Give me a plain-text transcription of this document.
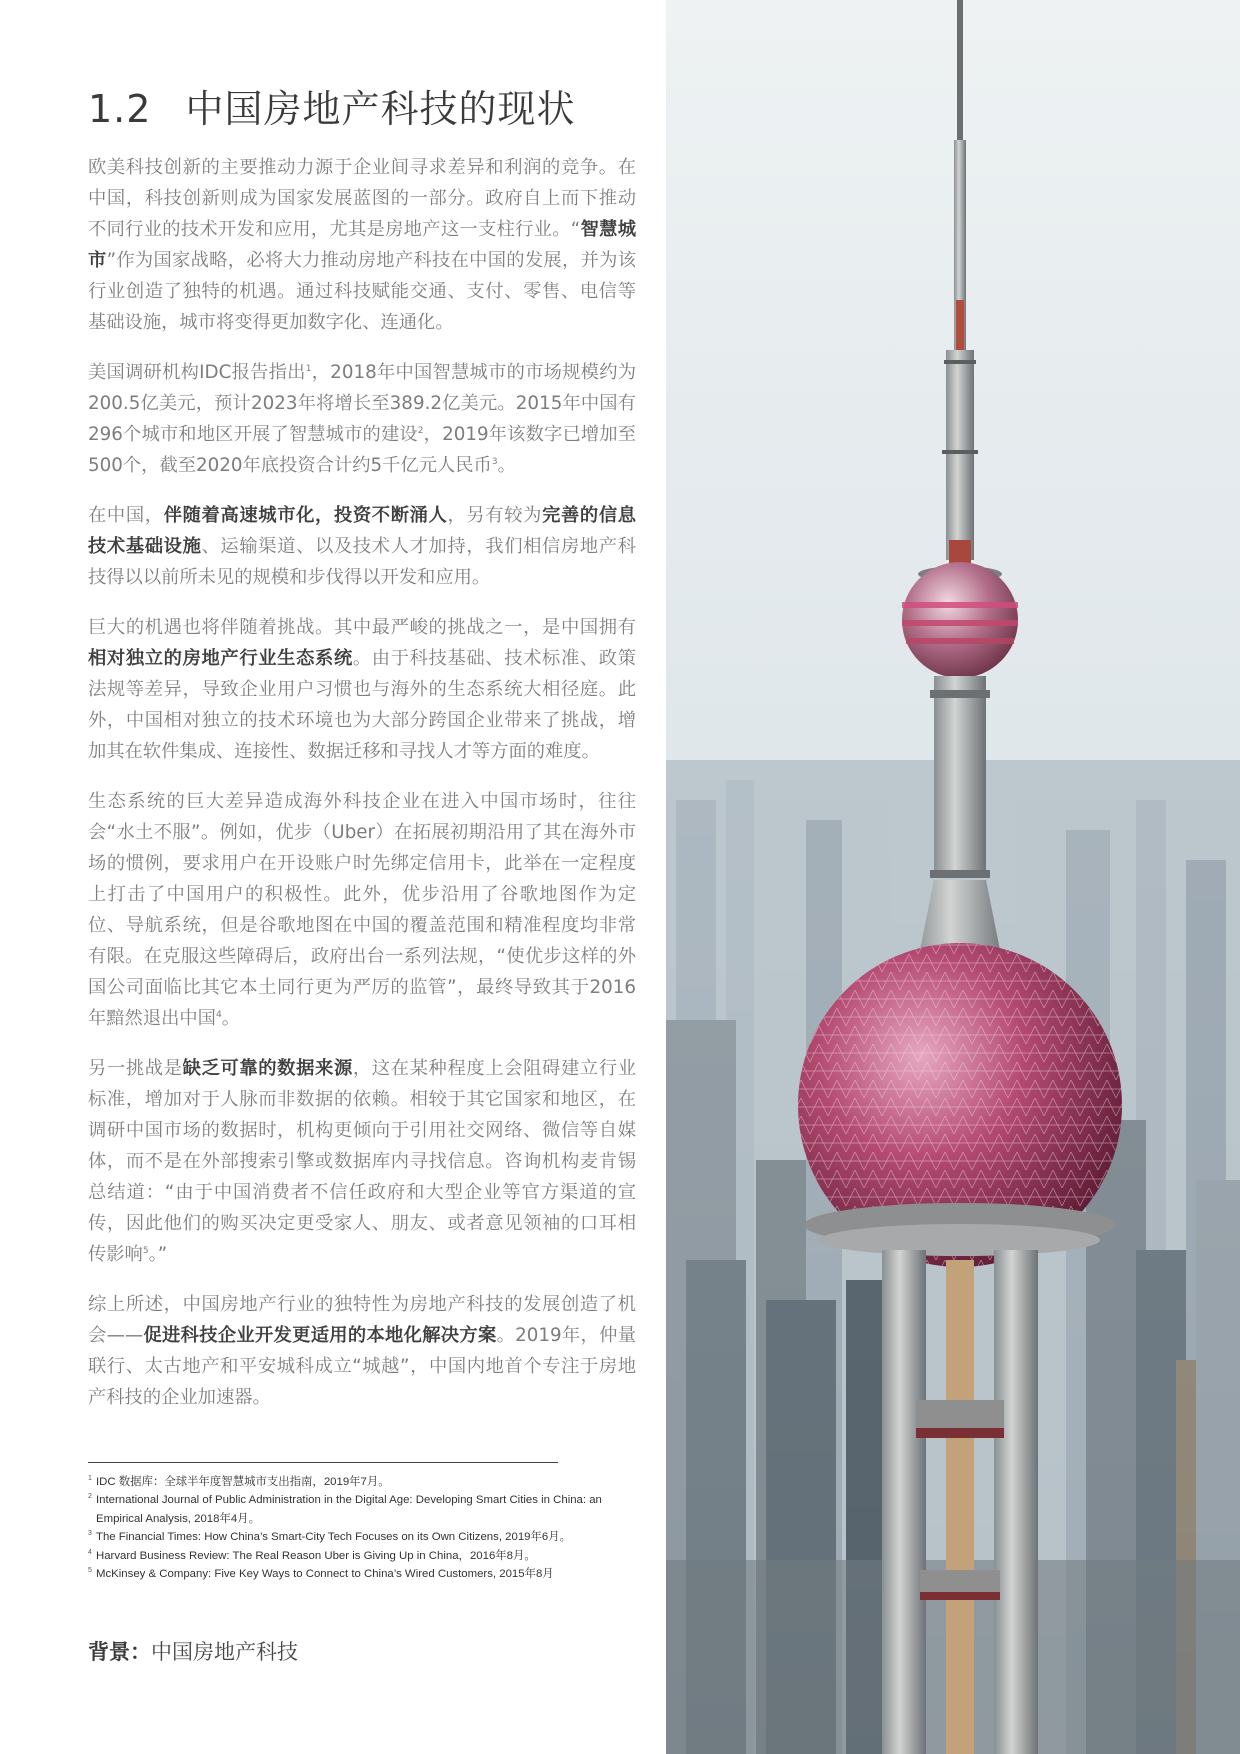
1.2 中国房地产科技的现状

欧美科技创新的主要推动力源于企业间寻求差异和利润的竞争。在中国，科技创新则成为国家发展蓝图的一部分。政府自上而下推动不同行业的技术开发和应用，尤其是房地产这一支柱行业。“智慧城市”作为国家战略，必将大力推动房地产科技在中国的发展，并为该行业创造了独特的机遇。通过科技赋能交通、支付、零售、电信等基础设施，城市将变得更加数字化、连通化。

美国调研机构IDC报告指出$^1$，2018年中国智慧城市的市场规模约为200.5亿美元，预计2023年将增长至389.2亿美元。2015年中国有296个城市和地区开展了智慧城市的建设$^2$，2019年该数字已增加至500个，截至2020年底投资合计约5千亿元人民币$^3$。

在中国，伴随着高速城市化，投资不断涌人，另有较为完善的信息技术基础设施、运输渠道、以及技术人才加持，我们相信房地产科技得以以前所未见的规模和步伐得以开发和应用。

巨大的机遇也将伴随着挑战。其中最严峻的挑战之一，是中国拥有相对独立的房地产行业生态系统。由于科技基础、技术标准、政策法规等差异，导致企业用户习惯也与海外的生态系统大相径庭。此外，中国相对独立的技术环境也为大部分跨国企业带来了挑战，增加其在软件集成、连接性、数据迁移和寻找人才等方面的难度。

生态系统的巨大差异造成海外科技企业在进入中国市场时，往往会“水土不服”。例如，优步（Uber）在拓展初期沿用了其在海外市场的惯例，要求用户在开设账户时先绑定信用卡，此举在一定程度上打击了中国用户的积极性。此外，优步沿用了谷歌地图作为定位、导航系统，但是谷歌地图在中国的覆盖范围和精准程度均非常有限。在克服这些障碍后，政府出台一系列法规，“使优步这样的外国公司面临比其它本土同行更为严厉的监管”，最终导致其于2016年黯然退出中国$^4$。

另一挑战是缺乏可靠的数据来源，这在某种程度上会阻碍建立行业标准，增加对于人脉而非数据的依赖。相较于其它国家和地区，在调研中国市场的数据时，机构更倾向于引用社交网络、微信等自媒体，而不是在外部搜索引擎或数据库内寻找信息。咨询机构麦肯锡总结道：“由于中国消费者不信任政府和大型企业等官方渠道的宣传，因此他们的购买决定更受家人、朋友、或者意见领袖的口耳相传影响$^5$。”

综上所述，中国房地产行业的独特性为房地产科技的发展创造了机会——促进科技企业开发更适用的本地化解决方案。2019年，仲量联行、太古地产和平安城科成立“城越”，中国内地首个专注于房地产科技的企业加速器。

1 IDC 数据库：全球半年度智慧城市支出指南，2019年7月。
2 International Journal of Public Administration in the Digital Age: Developing Smart Cities in China: an Empirical Analysis, 2018年4月。
3 The Financial Times: How China’s Smart-City Tech Focuses on its Own Citizens, 2019年6月。
4 Harvard Business Review: The Real Reason Uber is Giving Up in China，2016年8月。
5 McKinsey & Company: Five Key Ways to Connect to China’s Wired Customers, 2015年8月

背景：中国房地产科技
